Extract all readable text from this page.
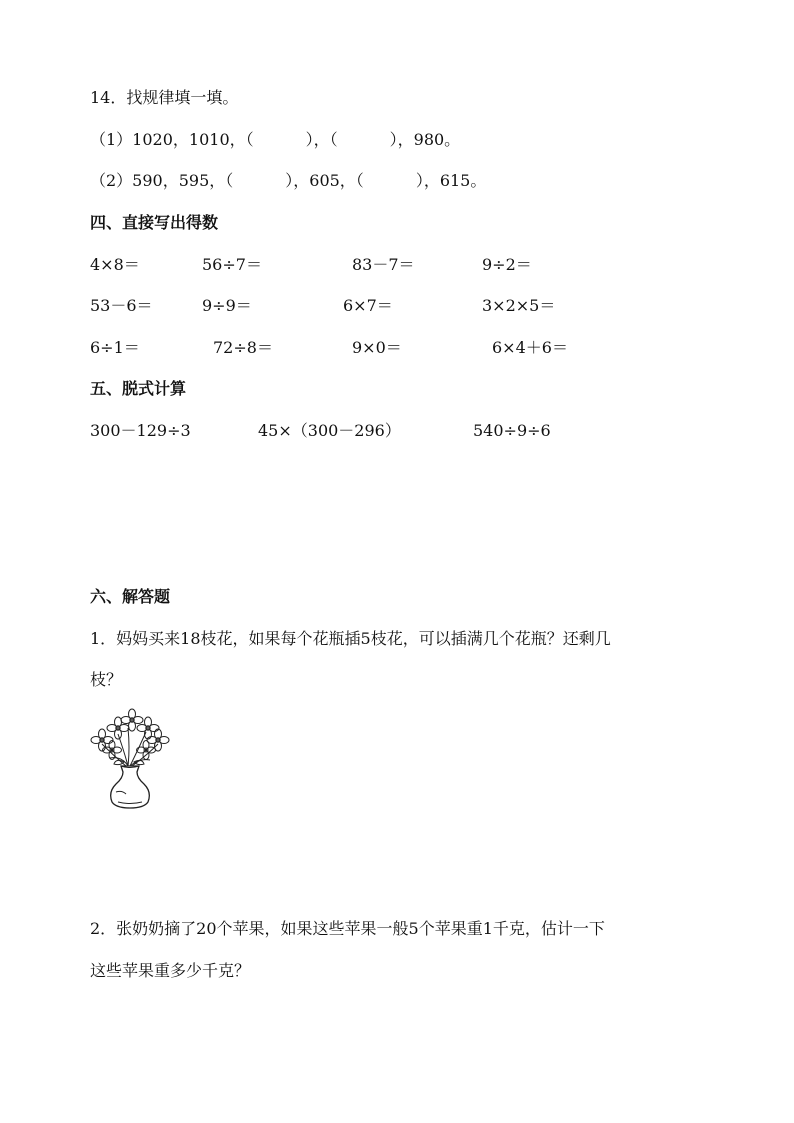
14．找规律填一填。
（1）1020，1010，（	），（	），980。
（2）590，595，（	），605，（	），615。
四、直接写出得数
4×8＝	56÷7＝	83－7＝	9÷2＝
53－6＝	9÷9＝	6×7＝	3×2×5＝
6÷1＝	72÷8＝	9×0＝	6×4＋6＝
五、脱式计算
300－129÷3	45×（300－296）	540÷9÷6
六、解答题
1．妈妈买来18枝花，如果每个花瓶插5枝花，可以插满几个花瓶？还剩几
枝？
2．张奶奶摘了20个苹果，如果这些苹果一般5个苹果重1千克，估计一下
这些苹果重多少千克？
